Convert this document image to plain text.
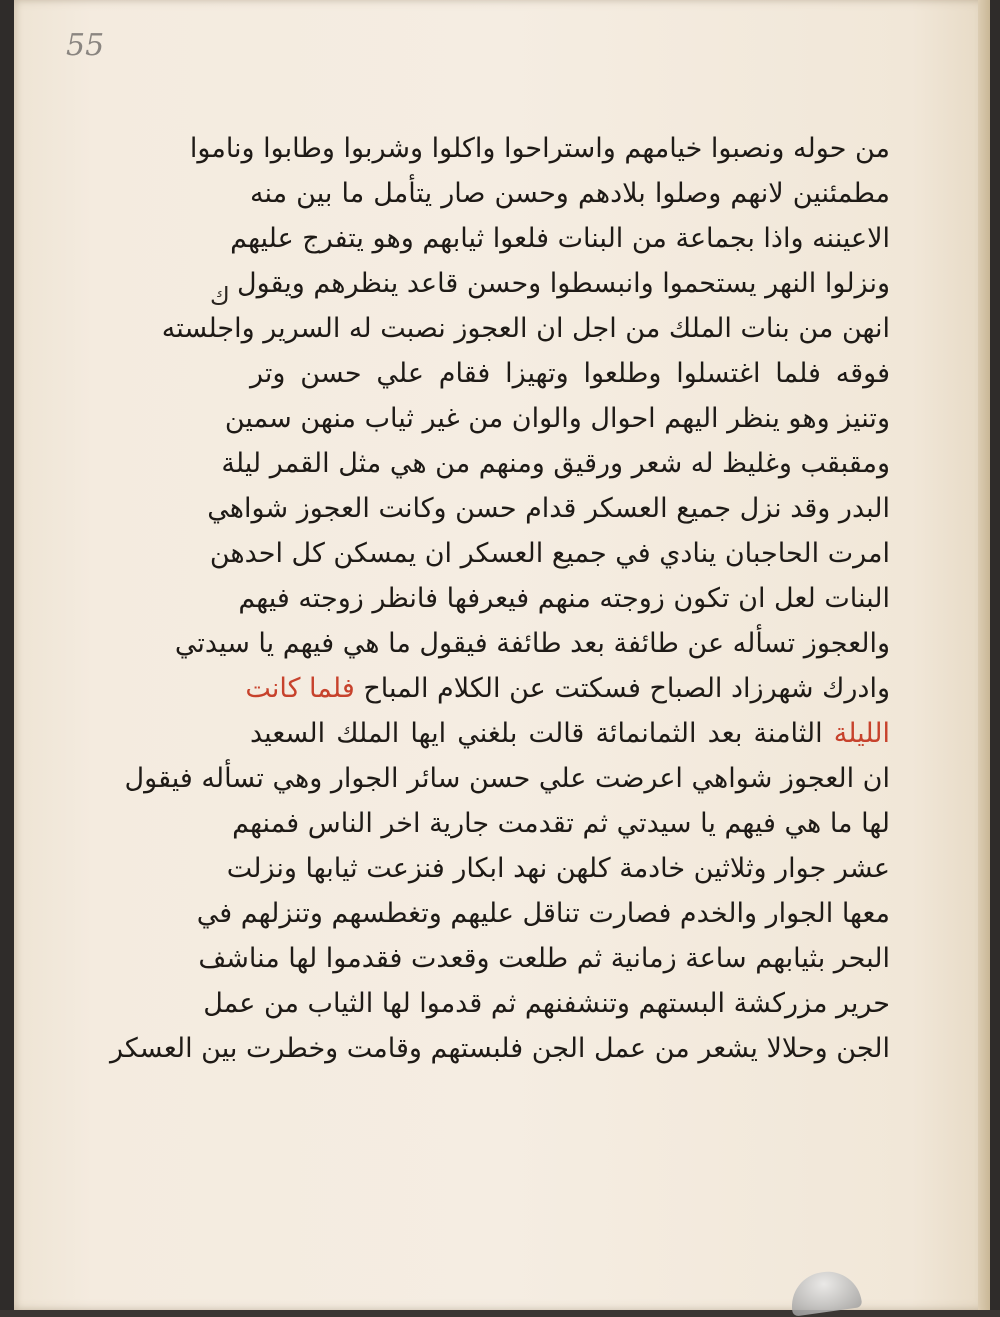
55
ك
من حوله ونصبوا خيامهم واستراحوا واكلوا وشربوا وطابوا وناموا
مطمئنين لانهم وصلوا بلادهم وحسن صار يتأمل ما بين منه
الاعيننه واذا بجماعة من البنات فلعوا ثيابهم وهو يتفرج عليهم
ونزلوا النهر يستحموا وانبسطوا وحسن قاعد ينظرهم ويقول
انهن من بنات الملك من اجل ان العجوز نصبت له السرير واجلسته
فوقه فلما اغتسلوا وطلعوا وتهيزا فقام علي حسن وتر
وتنيز وهو ينظر اليهم احوال والوان من غير ثياب منهن سمين
ومقبقب وغليظ له شعر ورقيق ومنهم من هي مثل القمر ليلة
البدر وقد نزل جميع العسكر قدام حسن وكانت العجوز شواهي
امرت الحاجبان ينادي في جميع العسكر ان يمسكن كل احدهن
البنات لعل ان تكون زوجته منهم فيعرفها فانظر زوجته فيهم
والعجوز تسأله عن طائفة بعد طائفة فيقول ما هي فيهم يا سيدتي
وادرك شهرزاد الصباح فسكتت عن الكلام المباح فلما كانت
الليلة الثامنة بعد الثمانمائة قالت بلغني ايها الملك السعيد
ان العجوز شواهي اعرضت علي حسن سائر الجوار وهي تسأله فيقول
لها ما هي فيهم يا سيدتي ثم تقدمت جارية اخر الناس فمنهم
عشر جوار وثلاثين خادمة كلهن نهد ابكار فنزعت ثيابها ونزلت
معها الجوار والخدم فصارت تناقل عليهم وتغطسهم وتنزلهم في
البحر بثيابهم ساعة زمانية ثم طلعت وقعدت فقدموا لها مناشف
حرير مزركشة البستهم وتنشفنهم ثم قدموا لها الثياب من عمل
الجن وحلالا يشعر من عمل الجن فلبستهم وقامت وخطرت بين العسكر
